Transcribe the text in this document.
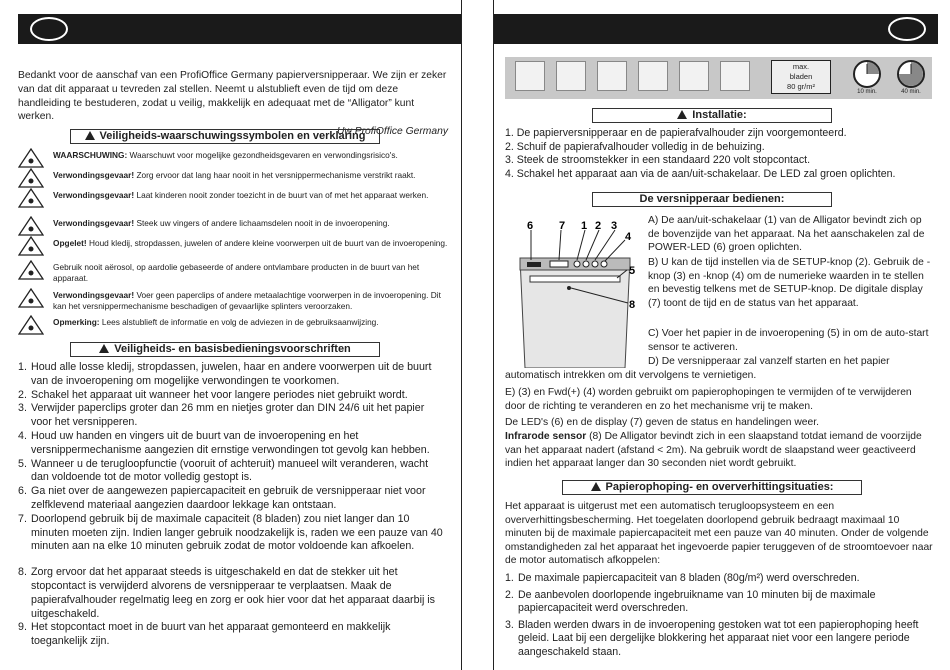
Bedankt voor de aanschaf van een ProfiOffice Germany papierversnipperaar. We zijn er zeker van dat dit apparaat u tevreden zal stellen. Neemt u alstublieft even de tijd om deze handleiding te bestuderen, zodat u veilig, makkelijk en adequaat met de “Alligator” kunt werken.
Uw ProfiOffice Germany
Veiligheids-waarschuwingssymbolen en verklaring
WAARSCHUWING: Waarschuwt voor mogelijke gezondheidsgevaren en verwondingsrisico's.
Verwondingsgevaar! Zorg ervoor dat lang haar nooit in het versnippermechanisme verstrikt raakt.
Verwondingsgevaar! Laat kinderen nooit zonder toezicht in de buurt van of met het apparaat werken.
Verwondingsgevaar! Steek uw vingers of andere lichaamsdelen nooit in de invoeropening.
Opgelet! Houd kledij, stropdassen, juwelen of andere kleine voorwerpen uit de buurt van de invoeropening.
Gebruik nooit aërosol, op aardolie gebaseerde of andere ontvlambare producten in de buurt van het apparaat.
Verwondingsgevaar! Voer geen paperclips of andere metaalachtige voorwerpen in de invoeropening. Dit kan het versnippermechanisme beschadigen of gevaarlijke splinters veroorzaken.
Opmerking: Lees alstublieft de informatie en volg de adviezen in de gebruiksaanwijzing.
Veiligheids- en basisbedieningsvoorschriften
1. Houd alle losse kledij, stropdassen, juwelen, haar en andere voorwerpen uit de buurt van de invoeropening om mogelijke verwondingen te voorkomen.
2. Schakel het apparaat uit wanneer het voor langere periodes niet gebruikt wordt.
3. Verwijder paperclips groter dan 26 mm en nietjes groter dan DIN 24/6 uit het papier voor het versnipperen.
4. Houd uw handen en vingers uit de buurt van de invoeropening en het versnippermechanisme aangezien dit ernstige verwondingen tot gevolg kan hebben.
5. Wanneer u de terugloopfunctie (vooruit of achteruit) manueel wilt veranderen, wacht dan voldoende tot de motor volledig gestopt is.
6. Ga niet over de aangewezen papiercapaciteit en gebruik de versnipperaar niet voor zelfklevend materiaal aangezien daardoor lekkage kan ontstaan.
7. Doorlopend gebruik bij de maximale capaciteit (8 bladen) zou niet langer dan 10 minuten moeten zijn. Indien langer gebruik noodzakelijk is, raden we een pauze van 40 minuten aan na elke 10 minuten gebruik zodat de motor voldoende kan afkoelen.
8. Zorg ervoor dat het apparaat steeds is uitgeschakeld en dat de stekker uit het stopcontact is verwijderd alvorens de versnipperaar te verplaatsen. Maak de papierafvalhouder regelmatig leeg en zorg er ook hier voor dat het apparaat daarbij is uitgeschakeld.
9. Het stopcontact moet in de buurt van het apparaat gemonteerd en makkelijk toegankelijk zijn.
max.
bladen
80 gr/m²
10 min.	40 min.
Installatie:
1. De papierversnipperaar en de papierafvalhouder zijn voorgemonteerd.
2. Schuif de papierafvalhouder volledig in de behuizing.
3. Steek de stroomstekker in een standaard 220 volt stopcontact.
4. Schakel het apparaat aan via de aan/uit-schakelaar. De LED zal groen oplichten.
De versnipperaar bedienen:
6 7 1 2 3
4
5
8
A) De aan/uit-schakelaar (1) van de Alligator bevindt zich op de bovenzijde van het apparaat. Na het aanschakelen zal de POWER-LED (6) groen oplichten.
B) U kan de tijd instellen via de SETUP-knop (2). Gebruik de - knop (3) en -knop (4) om de numerieke waarden in te stellen en bevestig telkens met de SETUP-knop. De digitale display (7) toont de tijd en de status van het apparaat.
C) Voer het papier in de invoeropening (5) in om de auto-start sensor te activeren.
D) De versnipperaar zal vanzelf starten en het papier
automatisch intrekken om dit vervolgens te vernietigen.
E) (3) en Fwd(+) (4) worden gebruikt om papierophopingen te vermijden of te verwijderen door de richting te veranderen en zo het mechanisme vrij te maken.
De LED's (6) en de display (7) geven de status en handelingen weer.
Infrarode sensor (8) De Alligator bevindt zich in een slaapstand totdat iemand de voorzijde van het apparaat nadert (afstand < 2m). Na gebruik wordt de slaapstand weer geactiveerd indien het apparaat langer dan 30 seconden niet wordt gebruikt.
Papierophoping- en oververhittingsituaties:
Het apparaat is uitgerust met een automatisch terugloopsysteem en een oververhittingsbescherming. Het toegelaten doorlopend gebruik bedraagt maximaal 10 minuten bij de maximale papiercapaciteit met een pauze van 40 minuten. Onder de volgende omstandigheden zal het apparaat het ingevoerde papier teruggeven of de stroomtoevoer naar de motor automatisch afkoppelen:
1. De maximale papiercapaciteit van 8 bladen (80g/m²) werd overschreden.
2. De aanbevolen doorlopende ingebruikname van 10 minuten bij de maximale papiercapaciteit werd overschreden.
3. Bladen werden dwars in de invoeropening gestoken wat tot een papierophoping heeft geleid. Laat bij een dergelijke blokkering het apparaat niet voor een langere periode aangeschakeld staan.
